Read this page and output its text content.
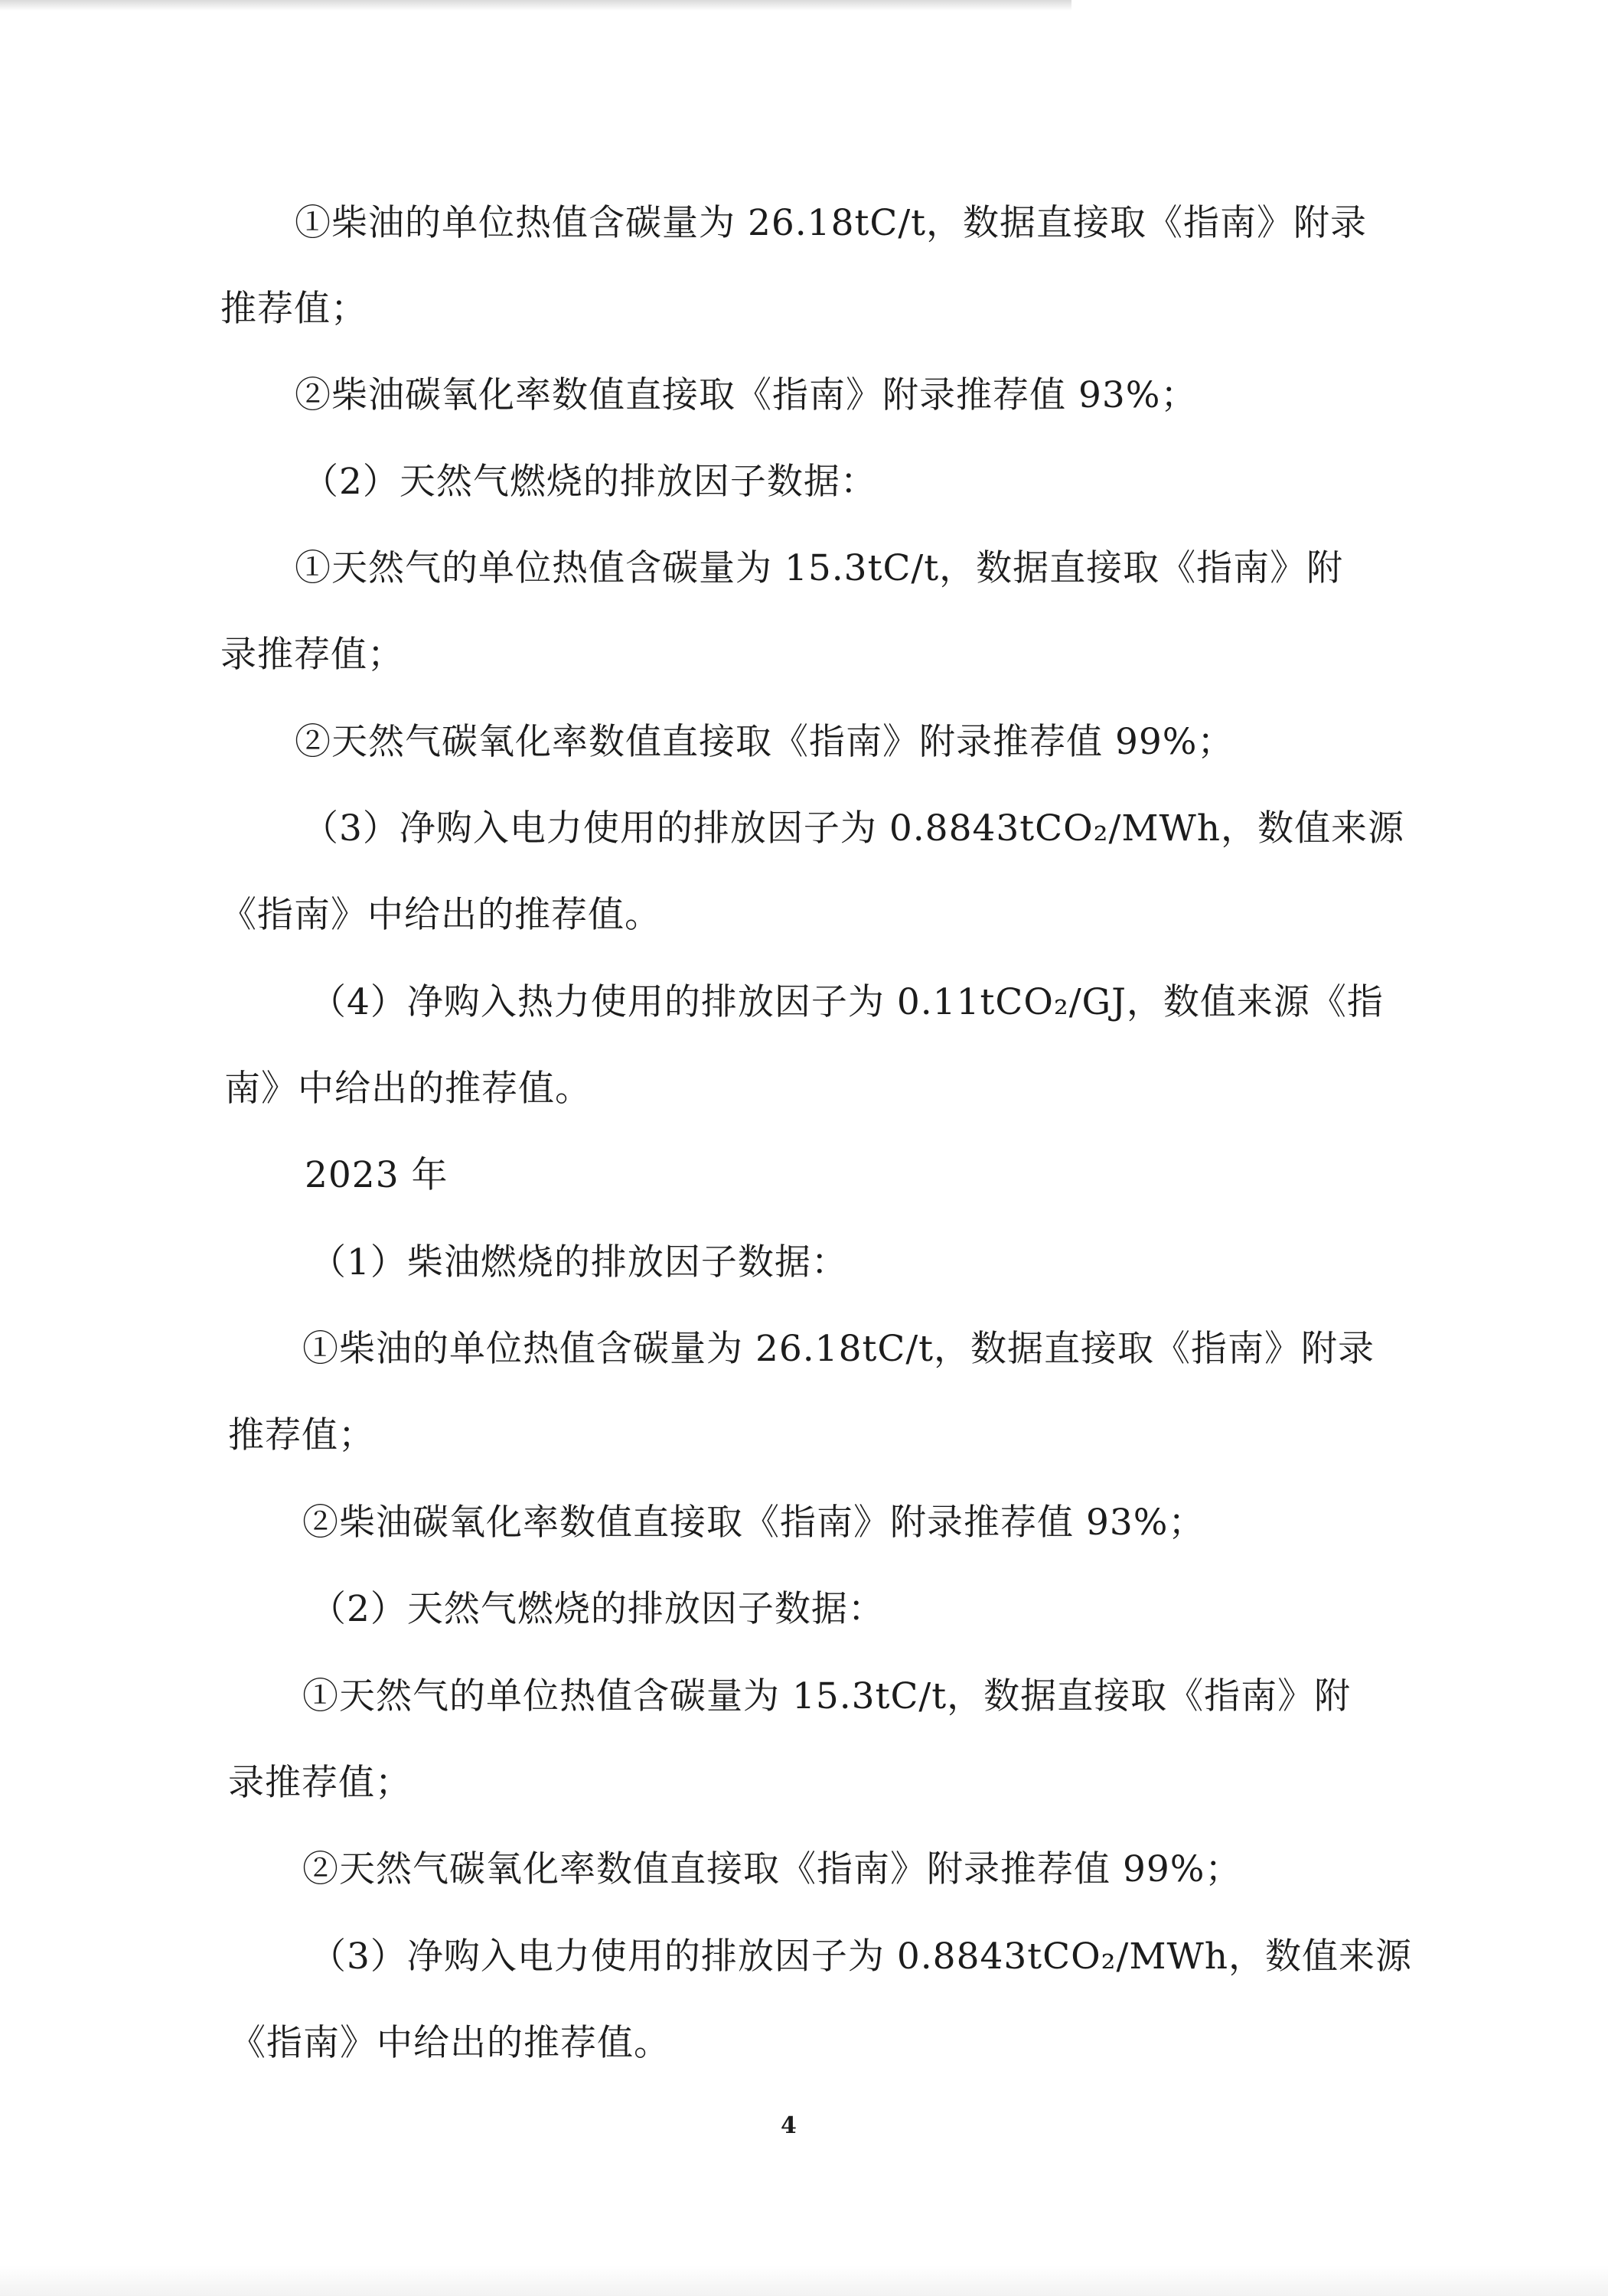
①柴油的单位热值含碳量为 26.18tC/t，数据直接取《指南》附录
推荐值；
②柴油碳氧化率数值直接取《指南》附录推荐值 93%；
（2）天然气燃烧的排放因子数据：
①天然气的单位热值含碳量为 15.3tC/t，数据直接取《指南》附
录推荐值；
②天然气碳氧化率数值直接取《指南》附录推荐值 99%；
（3）净购入电力使用的排放因子为 0.8843tCO₂/MWh，数值来源
《指南》中给出的推荐值。
（4）净购入热力使用的排放因子为 0.11tCO₂/GJ，数值来源《指
南》中给出的推荐值。
2023 年
（1）柴油燃烧的排放因子数据：
①柴油的单位热值含碳量为 26.18tC/t，数据直接取《指南》附录
推荐值；
②柴油碳氧化率数值直接取《指南》附录推荐值 93%；
（2）天然气燃烧的排放因子数据：
①天然气的单位热值含碳量为 15.3tC/t，数据直接取《指南》附
录推荐值；
②天然气碳氧化率数值直接取《指南》附录推荐值 99%；
（3）净购入电力使用的排放因子为 0.8843tCO₂/MWh，数值来源
《指南》中给出的推荐值。
4
